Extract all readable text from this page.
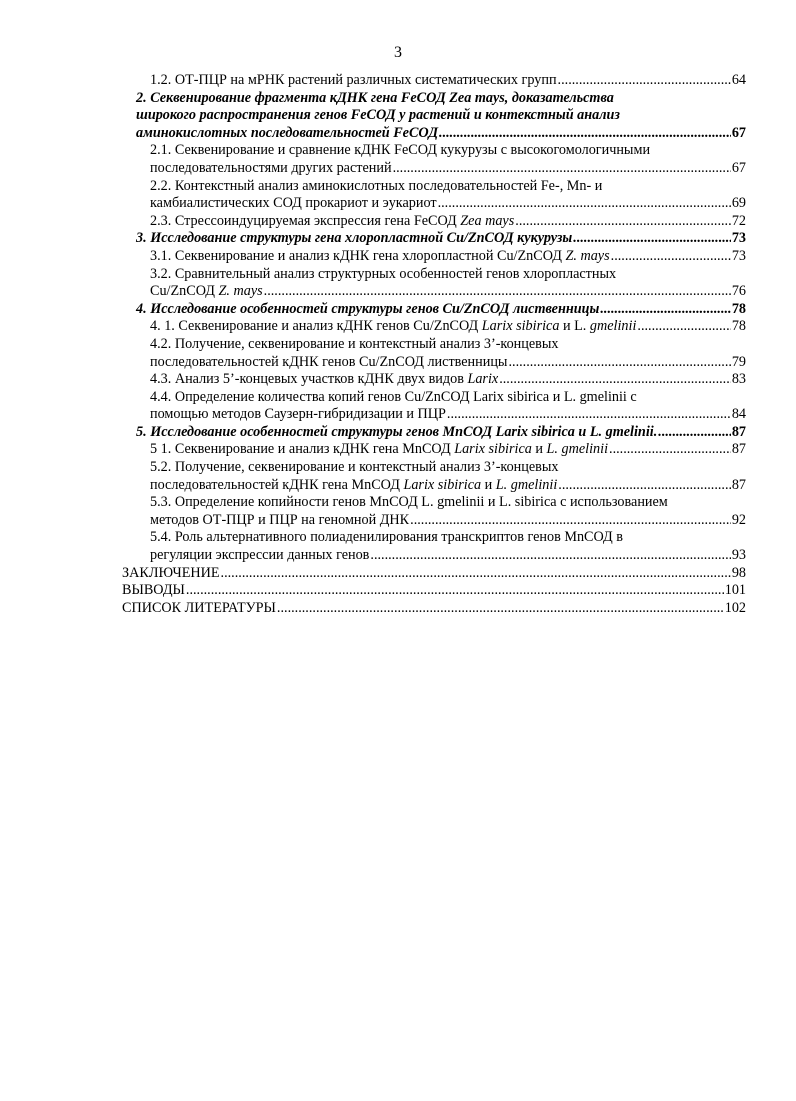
3
1.2. ОТ-ПЦР на мРНК растений различных систематических групп .....	64
2. Секвенирование фрагмента кДНК гена FeСОД Zea mays, доказательства
широкого распространения генов FeСОД у растений и контекстный анализ
аминокислотных последовательностей FeСОД .....	67
2.1. Секвенирование и сравнение кДНК FeСОД кукурузы с высокогомологичными
последовательностями других растений .....	67
2.2. Контекстный анализ аминокислотных последовательностей Fe-, Mn- и
камбиалистических СОД прокариот и эукариот .....	69
2.3. Стрессоиндуцируемая экспрессия гена FeСОД Zea mays .....	72
3. Исследование структуры гена хлоропластной Cu/ZnСОД кукурузы .....	73
3.1. Секвенирование и анализ кДНК гена хлоропластной Cu/ZnСОД Z. mays .....	73
3.2. Сравнительный анализ структурных особенностей генов хлоропластных
Cu/ZnСОД Z. mays .....	76
4. Исследование особенностей структуры генов Cu/ZnСОД лиственницы .....	78
4. 1. Секвенирование и анализ кДНК генов Cu/ZnСОД Larix sibirica и L. gmelinii .....	78
4.2. Получение, секвенирование и контекстный анализ 3’-концевых
последовательностей кДНК генов Cu/ZnСОД лиственницы .....	79
4.3. Анализ 5’-концевых участков кДНК двух видов Larix .....	83
4.4. Определение количества копий генов Cu/ZnСОД Larix sibirica и L. gmelinii с
помощью методов Саузерн-гибридизации и ПЦР .....	84
5. Исследование особенностей структуры генов MnСОД Larix sibirica и L. gmelinii. .....	87
5 1. Секвенирование и анализ кДНК гена MnСОД Larix sibirica и L. gmelinii .....	87
5.2. Получение, секвенирование и контекстный анализ 3’-концевых
последовательностей кДНК гена MnСОД Larix sibirica и L. gmelinii .....	87
5.3. Определение копийности генов MnСОД L. gmelinii и L. sibirica с использованием
методов ОТ-ПЦР и ПЦР на геномной ДНК .....	92
5.4. Роль альтернативного полиаденилирования транскриптов генов MnСОД в
регуляции экспрессии данных генов .....	93
ЗАКЛЮЧЕНИЕ .....	98
ВЫВОДЫ .....	101
СПИСОК ЛИТЕРАТУРЫ .....	102
